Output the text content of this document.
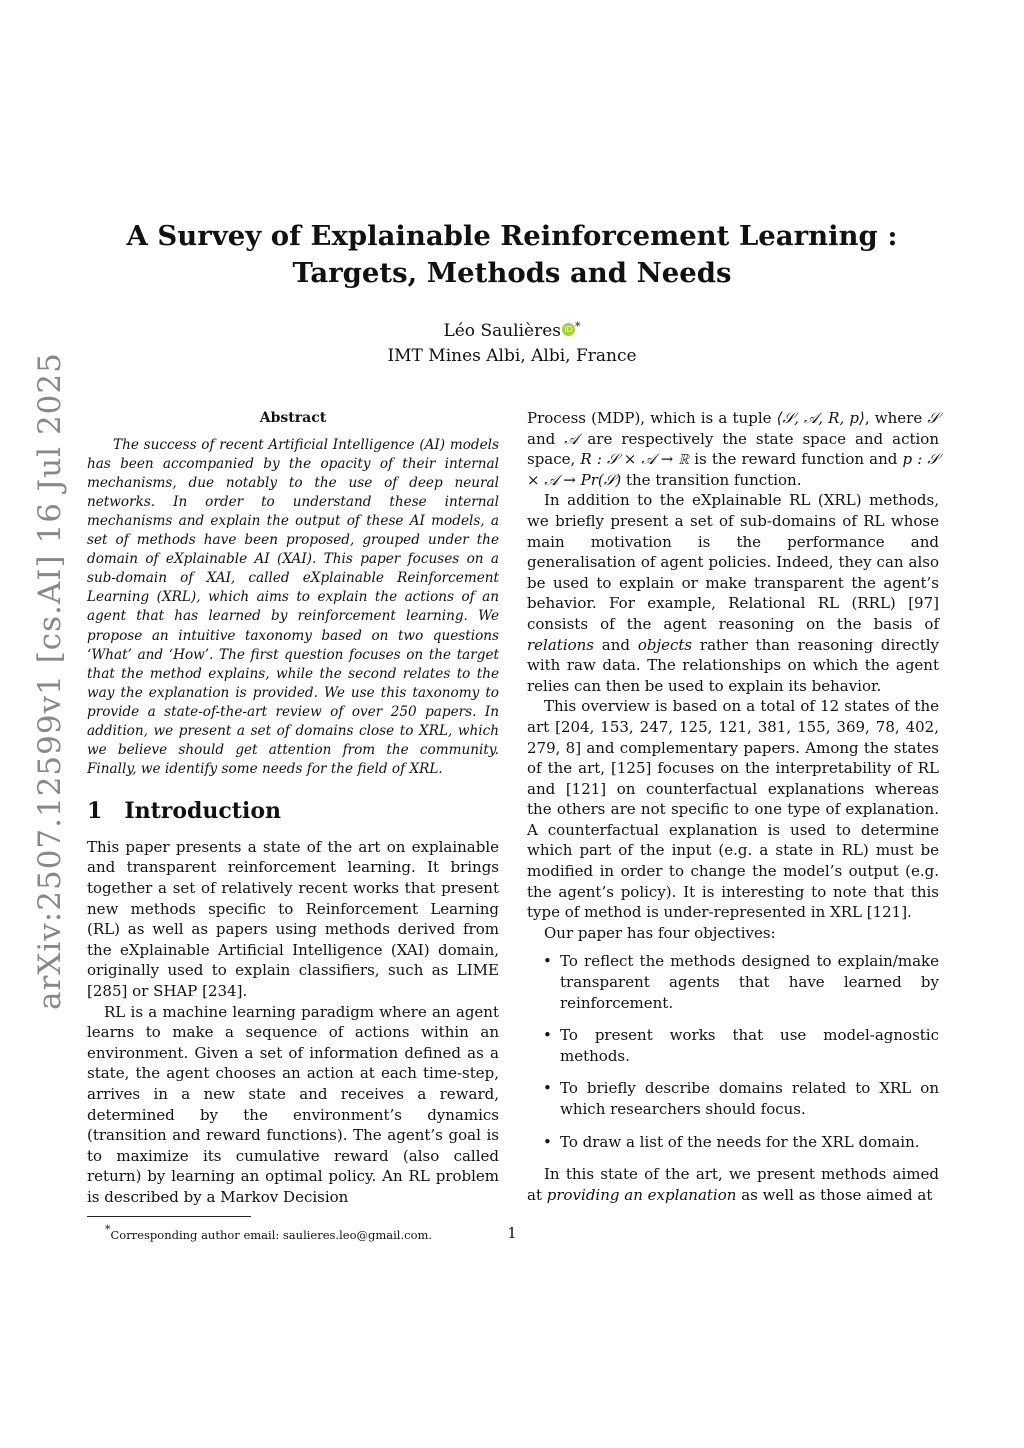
arXiv:2507.12599v1 [cs.AI] 16 Jul 2025
A Survey of Explainable Reinforcement Learning :
Targets, Methods and Needs
Léo Saulières iD *
IMT Mines Albi, Albi, France
Abstract

The success of recent Artificial Intelligence (AI) models has been accompanied by the opacity of their internal mechanisms, due notably to the use of deep neural networks. In order to understand these internal mechanisms and explain the output of these AI models, a set of methods have been proposed, grouped under the domain of eXplainable AI (XAI). This paper focuses on a sub-domain of XAI, called eXplainable Reinforcement Learning (XRL), which aims to explain the actions of an agent that has learned by reinforcement learning. We propose an intuitive taxonomy based on two questions ‘What’ and ‘How’. The first question focuses on the target that the method explains, while the second relates to the way the explanation is provided. We use this taxonomy to provide a state-of-the-art review of over 250 papers. In addition, we present a set of domains close to XRL, which we believe should get attention from the community. Finally, we identify some needs for the field of XRL.

1 Introduction

This paper presents a state of the art on explainable and transparent reinforcement learning. It brings together a set of relatively recent works that present new methods specific to Reinforcement Learning (RL) as well as papers using methods derived from the eXplainable Artificial Intelligence (XAI) domain, originally used to explain classifiers, such as LIME [285] or SHAP [234].

RL is a machine learning paradigm where an agent learns to make a sequence of actions within an environment. Given a set of information defined as a state, the agent chooses an action at each time-step, arrives in a new state and receives a reward, determined by the environment’s dynamics (transition and reward functions). The agent’s goal is to maximize its cumulative reward (also called return) by learning an optimal policy. An RL problem is described by a Markov Decision

*Corresponding author email: saulieres.leo@gmail.com.

Process (MDP), which is a tuple ⟨𝒮, 𝒜, R, p⟩, where 𝒮 and 𝒜 are respectively the state space and action space, R : 𝒮 × 𝒜 → ℝ is the reward function and p : 𝒮 × 𝒜 → Pr(𝒮) the transition function.

In addition to the eXplainable RL (XRL) methods, we briefly present a set of sub-domains of RL whose main motivation is the performance and generalisation of agent policies. Indeed, they can also be used to explain or make transparent the agent’s behavior. For example, Relational RL (RRL) [97] consists of the agent reasoning on the basis of relations and objects rather than reasoning directly with raw data. The relationships on which the agent relies can then be used to explain its behavior.

This overview is based on a total of 12 states of the art [204, 153, 247, 125, 121, 381, 155, 369, 78, 402, 279, 8] and complementary papers. Among the states of the art, [125] focuses on the interpretability of RL and [121] on counterfactual explanations whereas the others are not specific to one type of explanation. A counterfactual explanation is used to determine which part of the input (e.g. a state in RL) must be modified in order to change the model’s output (e.g. the agent’s policy). It is interesting to note that this type of method is under-represented in XRL [121].

Our paper has four objectives:

• To reflect the methods designed to explain/make transparent agents that have learned by reinforcement.
• To present works that use model-agnostic methods.
• To briefly describe domains related to XRL on which researchers should focus.
• To draw a list of the needs for the XRL domain.

In this state of the art, we present methods aimed at providing an explanation as well as those aimed at

1
